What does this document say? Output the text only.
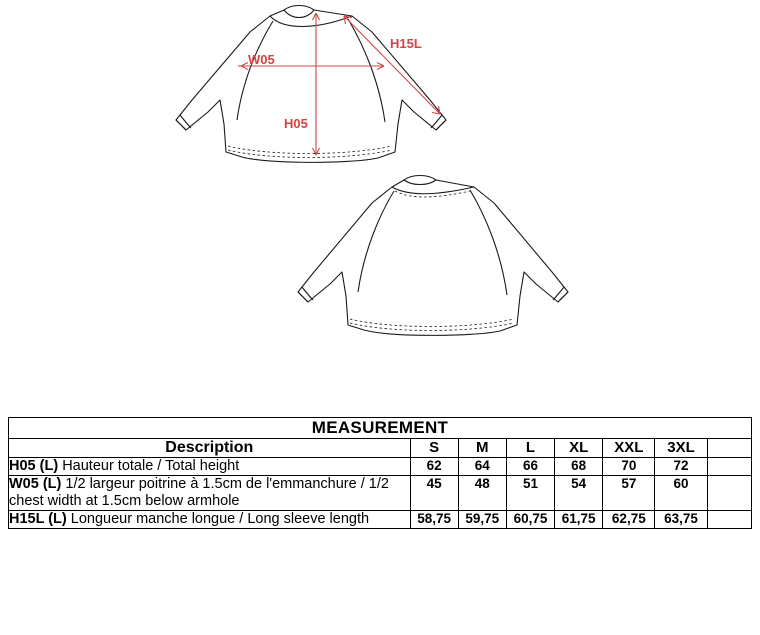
W05
H15L
H05
MEASUREMENT							
Description	S	M	L	XL	XXL	3XL	
H05 (L) Hauteur totale / Total height	62	64	66	68	70	72	
W05 (L) 1/2 largeur poitrine à 1.5cm de l'emmanchure / 1/2 chest width at 1.5cm below armhole	45	48	51	54	57	60	
H15L (L) Longueur manche longue / Long sleeve length	58,75	59,75	60,75	61,75	62,75	63,75	
